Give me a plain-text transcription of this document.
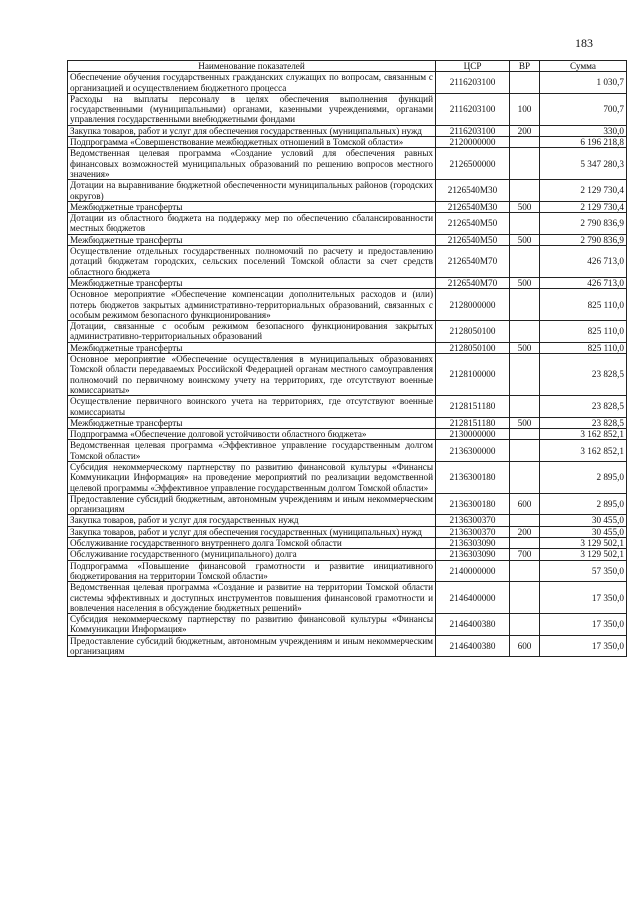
183
Наименование показателей	ЦСР	ВР	Сумма
Обеспечение обучения государственных гражданских служащих по вопросам, связанным с организацией и осуществлением бюджетного процесса	2116203100		1 030,7
Расходы на выплаты персоналу в целях обеспечения выполнения функций государственными (муниципальными) органами, казенными учреждениями, органами управления государственными внебюджетными фондами	2116203100	100	700,7
Закупка товаров, работ и услуг для обеспечения государственных (муниципальных) нужд	2116203100	200	330,0
Подпрограмма «Совершенствование межбюджетных отношений в Томской области»	2120000000		6 196 218,8
Ведомственная целевая программа «Создание условий для обеспечения равных финансовых возможностей муниципальных образований по решению вопросов местного значения»	2126500000		5 347 280,3
Дотации на выравнивание бюджетной обеспеченности муниципальных районов (городских округов)	2126540М30		2 129 730,4
Межбюджетные трансферты	2126540М30	500	2 129 730,4
Дотации из областного бюджета на поддержку мер по обеспечению сбалансированности местных бюджетов	2126540М50		2 790 836,9
Межбюджетные трансферты	2126540М50	500	2 790 836,9
Осуществление отдельных государственных полномочий по расчету и предоставлению дотаций бюджетам городских, сельских поселений Томской области за счет средств областного бюджета	2126540М70		426 713,0
Межбюджетные трансферты	2126540М70	500	426 713,0
Основное мероприятие «Обеспечение компенсации дополнительных расходов и (или) потерь бюджетов закрытых административно-территориальных образований, связанных с особым режимом безопасного функционирования»	2128000000		825 110,0
Дотации, связанные с особым режимом безопасного функционирования закрытых административно-территориальных образований	2128050100		825 110,0
Межбюджетные трансферты	2128050100	500	825 110,0
Основное мероприятие «Обеспечение осуществления в муниципальных образованиях Томской области передаваемых Российской Федерацией органам местного самоуправления полномочий по первичному воинскому учету на территориях, где отсутствуют военные комиссариаты»	2128100000		23 828,5
Осуществление первичного воинского учета на территориях, где отсутствуют военные комиссариаты	2128151180		23 828,5
Межбюджетные трансферты	2128151180	500	23 828,5
Подпрограмма «Обеспечение долговой устойчивости областного бюджета»	2130000000		3 162 852,1
Ведомственная целевая программа «Эффективное управление государственным долгом Томской области»	2136300000		3 162 852,1
Субсидия некоммерческому партнерству по развитию финансовой культуры «Финансы Коммуникации Информация» на проведение мероприятий по реализации ведомственной целевой программы «Эффективное управление государственным долгом Томской области»	2136300180		2 895,0
Предоставление субсидий бюджетным, автономным учреждениям и иным некоммерческим организациям	2136300180	600	2 895,0
Закупка товаров, работ и услуг для государственных нужд	2136300370		30 455,0
Закупка товаров, работ и услуг для обеспечения государственных (муниципальных) нужд	2136300370	200	30 455,0
Обслуживание государственного внутреннего долга Томской области	2136303090		3 129 502,1
Обслуживание государственного (муниципального) долга	2136303090	700	3 129 502,1
Подпрограмма «Повышение финансовой грамотности и развитие инициативного бюджетирования на территории Томской области»	2140000000		57 350,0
Ведомственная целевая программа «Создание и развитие на территории Томской области системы эффективных и доступных инструментов повышения финансовой грамотности и вовлечения населения в обсуждение бюджетных решений»	2146400000		17 350,0
Субсидия некоммерческому партнерству по развитию финансовой культуры «Финансы Коммуникации Информация»	2146400380		17 350,0
Предоставление субсидий бюджетным, автономным учреждениям и иным некоммерческим организациям	2146400380	600	17 350,0
